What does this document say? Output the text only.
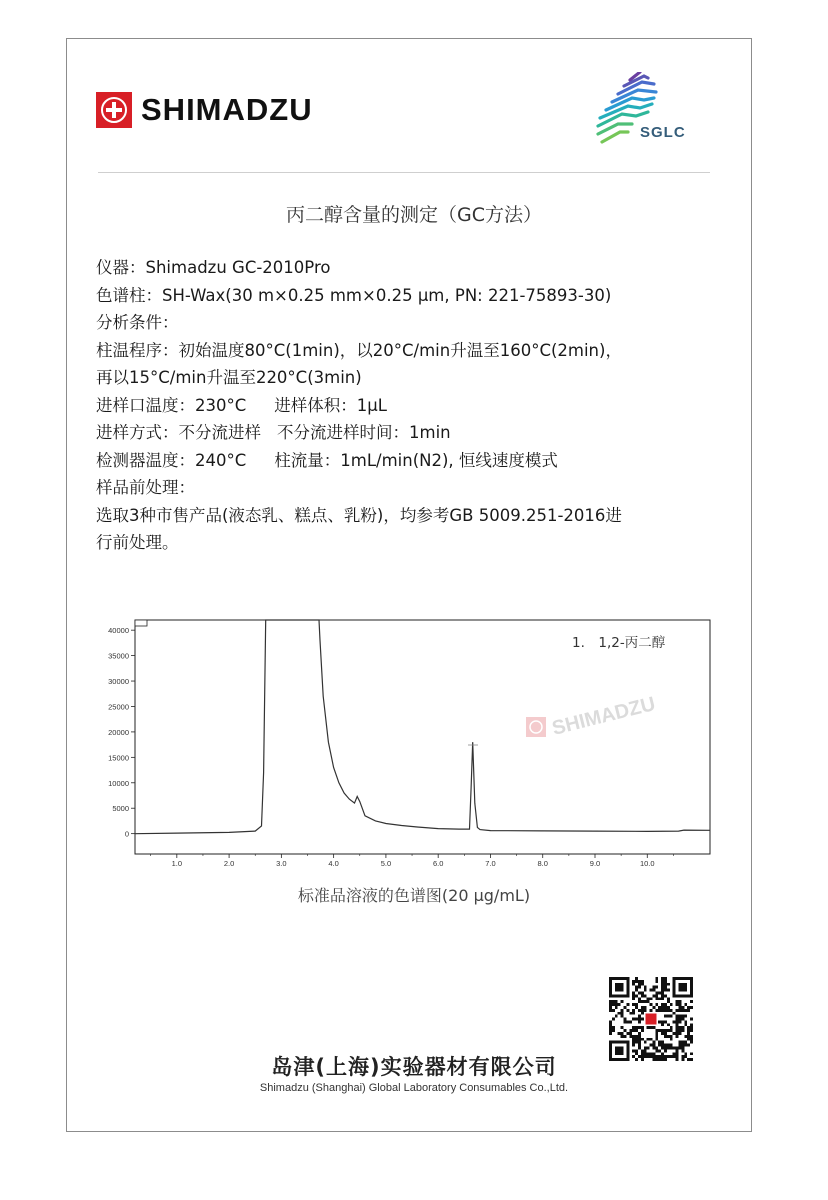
SHIMADZU
SGLC
丙二醇含量的测定（GC方法）

仪器：Shimadzu GC-2010Pro

色谱柱：SH-Wax(30 m×0.25 mm×0.25 µm, PN: 221-75893-30)

分析条件：

柱温程序：初始温度80°C(1min)，以20°C/min升温至160°C(2min)，

再以15°C/min升温至220°C(3min)

进样口温度：230°C 进样体积：1µL

进样方式：不分流进样 不分流进样时间：1min

检测器温度：240°C 柱流量：1mL/min(N2), 恒线速度模式

样品前处理：

选取3种市售产品(液态乳、糕点、乳粉)，均参考GB 5009.251-2016进

行前处理。

SHIMADZU
1.　1,2-丙二醇
0
5000
10000
15000
20000
25000
30000
35000
40000
1.0	2.0	3.0	4.0	5.0	6.0	7.0	8.0	9.0	10.0
标准品溶液的色谱图(20 µg/mL)
岛津(上海)实验器材有限公司
Shimadzu (Shanghai) Global Laboratory Consumables Co.,Ltd.
